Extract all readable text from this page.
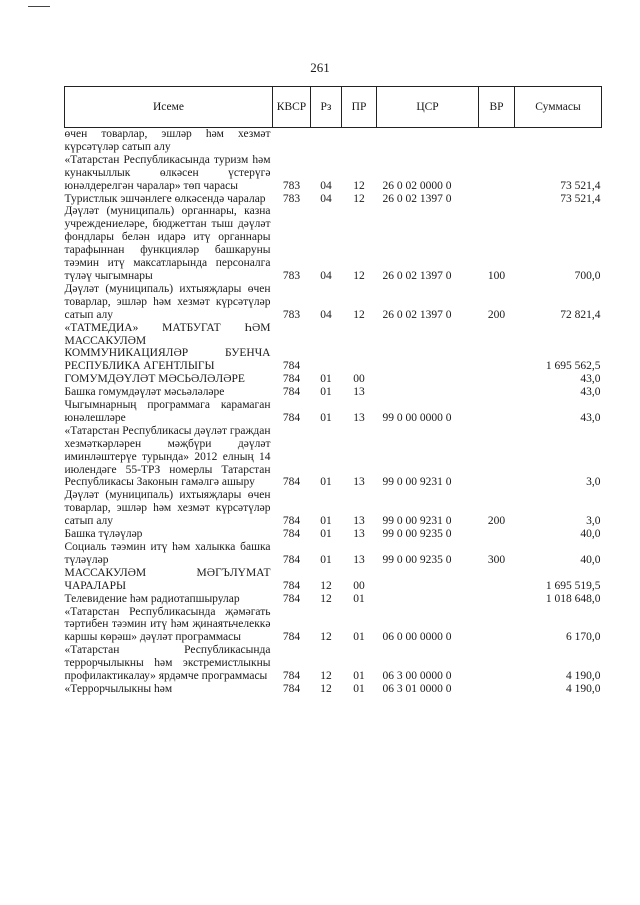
261
Исеме	КВСР	Рз	ПР	ЦСР	ВР	Суммасы
өчен товарлар, эшләр һәм хезмәт күрсәтүләр сатып алу						
«Татарстан Республикасында туризм һәм кунакчыллык өлкәсен үстерүгә юнәлдерелгән чаралар» төп чарасы	783	04	12	26 0 02 0000 0		73 521,4
Туристлык эшчәнлеге өлкәсендә чаралар	783	04	12	26 0 02 1397 0		73 521,4
Дәүләт (муниципаль) органнары, казна учреждениеләре, бюджеттан тыш дәүләт фондлары белән идарә итү органнары тарафыннан функцияләр башкаруны тәэмин итү максатларында персоналга түләү чыгымнары	783	04	12	26 0 02 1397 0	100	700,0
Дәүләт (муниципаль) ихтыяҗлары өчен товарлар, эшләр һәм хезмәт күрсәтүләр сатып алу	783	04	12	26 0 02 1397 0	200	72 821,4
«ТАТМЕДИА» МАТБУГАТ ҺӘМ МАССАКУЛӘМ КОММУНИКАЦИЯЛӘР БУЕНЧА РЕСПУБЛИКА АГЕНТЛЫГЫ	784					1 695 562,5
ГОМУМДӘҮЛӘТ МӘСЬӘЛӘЛӘРЕ	784	01	00			43,0
Башка гомумдәүләт мәсьәләләре	784	01	13			43,0
Чыгымнарның программага карамаган юнәлешләре	784	01	13	99 0 00 0000 0		43,0
«Татарстан Республикасы дәүләт граждан хезмәткәрләрен мәҗбүри дәүләт иминләштерүе турында» 2012 елның 14 июлендәге 55-ТРЗ номерлы Татарстан Республикасы Законын гамәлгә ашыру	784	01	13	99 0 00 9231 0		3,0
Дәүләт (муниципаль) ихтыяҗлары өчен товарлар, эшләр һәм хезмәт күрсәтүләр сатып алу	784	01	13	99 0 00 9231 0	200	3,0
Башка түләүләр	784	01	13	99 0 00 9235 0		40,0
Социаль тәэмин итү һәм халыкка башка түләүләр	784	01	13	99 0 00 9235 0	300	40,0
МАССАКУЛӘМ МӘГЪЛҮМАТ ЧАРАЛАРЫ	784	12	00			1 695 519,5
Телевидение һәм радиотапшырулар	784	12	01			1 018 648,0
«Татарстан Республикасында җәмәгать тәртибен тәэмин итү һәм җинаятьчелеккә каршы көрәш» дәүләт программасы	784	12	01	06 0 00 0000 0		6 170,0
«Татарстан Республикасында террорчылыкны һәм экстремистлыкны профилактикалау» ярдәмче программасы	784	12	01	06 3 00 0000 0		4 190,0
«Террорчылыкны һәм	784	12	01	06 3 01 0000 0		4 190,0
